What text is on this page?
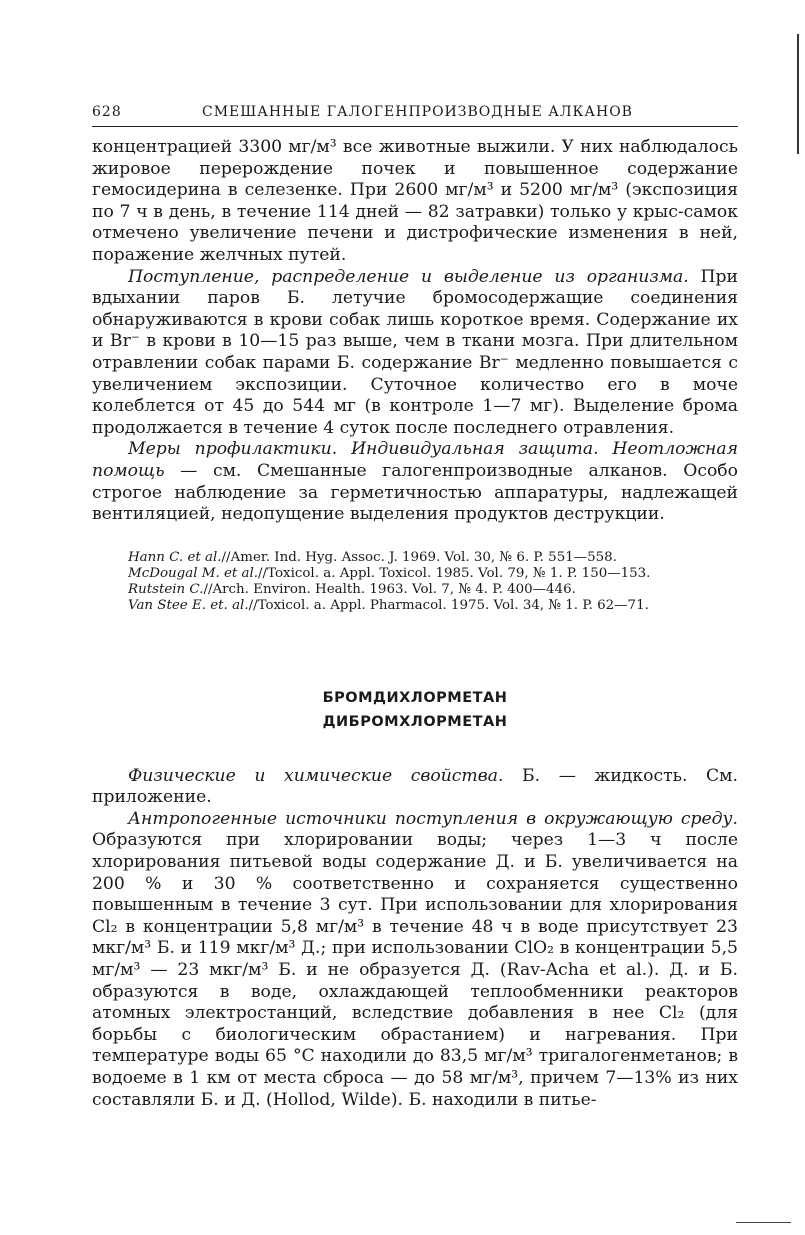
628	СМЕШАННЫЕ ГАЛОГЕНПРОИЗВОДНЫЕ АЛКАНОВ

концентрацией 3300 мг/м³ все животные выжили. У них наблюдалось жировое перерождение почек и повышенное содержание гемосидерина в селезенке. При 2600 мг/м³ и 5200 мг/м³ (экспозиция по 7 ч в день, в течение 114 дней — 82 затравки) только у крыс-самок отмечено увеличение печени и дистрофические изменения в ней, поражение желчных путей.

Поступление, распределение и выделение из организма. При вдыхании паров Б. летучие бромосодержащие соединения обнаруживаются в крови собак лишь короткое время. Содержание их и Br⁻ в крови в 10—15 раз выше, чем в ткани мозга. При длительном отравлении собак парами Б. содержание Br⁻ медленно повышается с увеличением экспозиции. Суточное количество его в моче колеблется от 45 до 544 мг (в контроле 1—7 мг). Выделение брома продолжается в течение 4 суток после последнего отравления.

Меры профилактики. Индивидуальная защита. Неотложная помощь — см. Смешанные галогенпроизводные алканов. Особо строгое наблюдение за герметичностью аппаратуры, надлежащей вентиляцией, недопущение выделения продуктов деструкции.

Hann C. et al.//Amer. Ind. Hyg. Assoc. J. 1969. Vol. 30, № 6. P. 551—558.

McDougal M. et al.//Toxicol. a. Appl. Toxicol. 1985. Vol. 79, № 1. P. 150—153.

Rutstein C.//Arch. Environ. Health. 1963. Vol. 7, № 4. P. 400—446.

Van Stee E. et. al.//Toxicol. a. Appl. Pharmacol. 1975. Vol. 34, № 1. P. 62—71.

БРОМДИХЛОРМЕТАН
ДИБРОМХЛОРМЕТАН

Физические и химические свойства. Б. — жидкость. См. приложение.

Антропогенные источники поступления в окружающую среду. Образуются при хлорировании воды; через 1—3 ч после хлорирования питьевой воды содержание Д. и Б. увеличивается на 200 % и 30 % соответственно и сохраняется существенно повышенным в течение 3 сут. При использовании для хлорирования Cl₂ в концентрации 5,8 мг/м³ в течение 48 ч в воде присутствует 23 мкг/м³ Б. и 119 мкг/м³ Д.; при использовании ClO₂ в концентрации 5,5 мг/м³ — 23 мкг/м³ Б. и не образуется Д. (Rav-Acha et al.). Д. и Б. образуются в воде, охлаждающей теплообменники реакторов атомных электростанций, вследствие добавления в нее Cl₂ (для борьбы с биологическим обрастанием) и нагревания. При температуре воды 65 °С находили до 83,5 мг/м³ тригалогенметанов; в водоеме в 1 км от места сброса — до 58 мг/м³, причем 7—13% из них составляли Б. и Д. (Hollod, Wilde). Б. находили в питье-
